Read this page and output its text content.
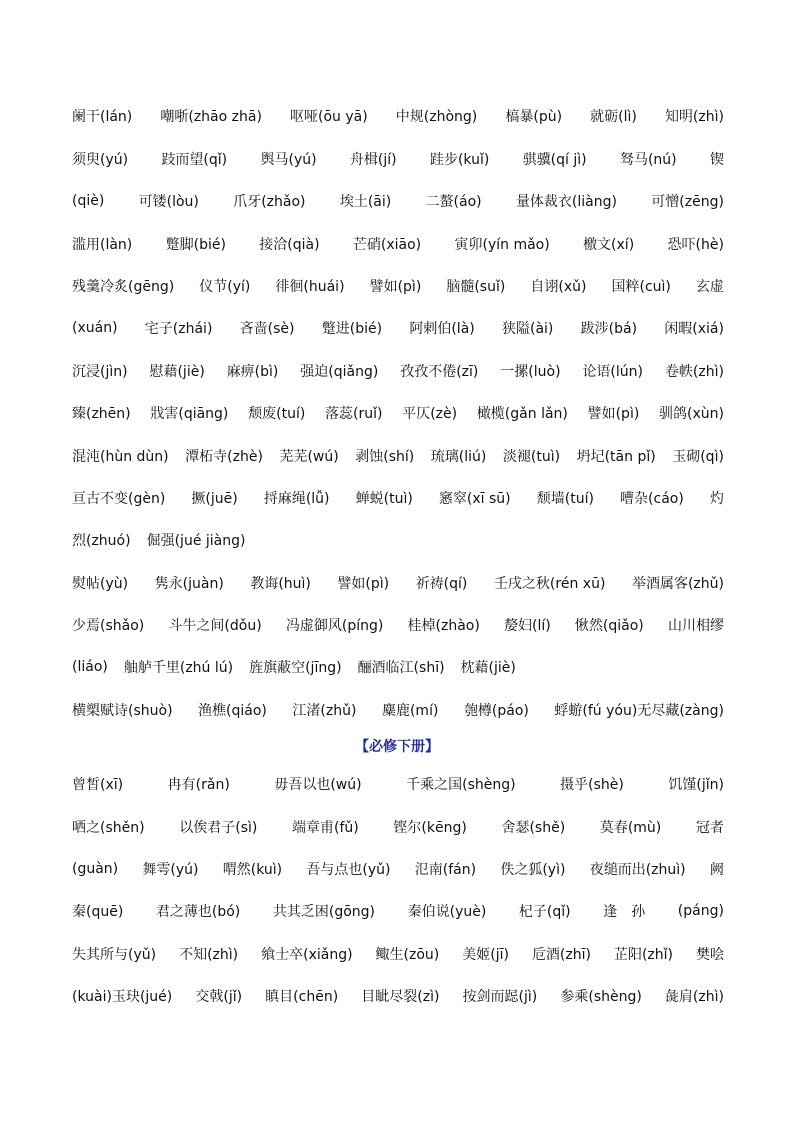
阑干(lán) 嘲哳(zhāo zhā) 呕哑(ōu yā) 中规(zhòng) 槁暴(pù) 就砺(lì) 知明(zhì)
须臾(yú) 跂而望(qǐ) 舆马(yú) 舟楫(jí) 跬步(kuǐ) 骐骥(qí jì) 驽马(nú) 锲
(qiè) 可镂(lòu) 爪牙(zhǎo) 埃土(āi) 二螯(áo) 量体裁衣(liàng) 可憎(zēng)
滥用(làn) 蹩脚(bié) 接洽(qià) 芒硝(xiāo) 寅卯(yín mǎo) 檄文(xí) 恐吓(hè)
残羹冷炙(gēng) 仪节(yí) 徘徊(huái) 譬如(pì) 脑髓(suǐ) 自诩(xǔ) 国粹(cuì) 玄虚
(xuán) 宅子(zhái) 吝啬(sè) 蹩进(bié) 阿剌伯(là) 狭隘(ài) 跋涉(bá) 闲暇(xiá)
沉浸(jìn) 慰藉(jiè) 麻痹(bì) 强迫(qiǎng) 孜孜不倦(zī) 一摞(luò) 论语(lún) 卷帙(zhì)
臻(zhēn) 戕害(qiāng) 颓废(tuí) 落蕊(ruǐ) 平仄(zè) 橄榄(gǎn lǎn) 譬如(pì) 驯鸽(xùn)
混沌(hùn dùn) 潭柘寺(zhè) 芜芜(wú) 剥蚀(shí) 琉璃(liú) 淡褪(tuì) 坍圮(tān pǐ) 玉砌(qì)
亘古不变(gèn) 撅(juē) 捋麻绳(lǚ) 蝉蜕(tuì) 窸窣(xī sū) 颓墙(tuí) 嘈杂(cáo) 灼
烈(zhuó) 倔强(jué jiàng)
熨帖(yù) 隽永(juàn) 教诲(huì) 譬如(pì) 祈祷(qí) 壬戌之秋(rén xū) 举酒属客(zhǔ)
少焉(shǎo) 斗牛之间(dǒu) 冯虚御风(píng) 桂棹(zhào) 嫠妇(lí) 愀然(qiǎo) 山川相缪
(liáo) 舳舻千里(zhú lú) 旌旗蔽空(jīng) 酾酒临江(shī) 枕藉(jiè)
横槊赋诗(shuò) 渔樵(qiáo) 江渚(zhǔ) 麋鹿(mí) 匏樽(páo) 蜉蝣(fú yóu)无尽藏(zàng)
【必修下册】
曾皙(xī)	冉有(rǎn)	毋吾以也(wú)	千乘之国(shèng)	摄乎(shè)	饥馑(jǐn)
哂之(shěn) 以俟君子(sì) 端章甫(fǔ) 铿尔(kēng) 舍瑟(shě) 莫春(mù) 冠者
(guàn) 舞雩(yú) 喟然(kuì) 吾与点也(yǔ) 氾南(fán) 佚之狐(yì) 夜缒而出(zhuì) 阙
秦(quē) 君之薄也(bó) 共其乏困(gōng) 秦伯说(yuè) 杞子(qǐ) 逢　孙 (páng)
失其所与(yǔ) 不知(zhì) 飨士卒(xiǎng) 鲰生(zōu) 美姬(jī) 卮酒(zhī) 芷阳(zhǐ) 樊哙
(kuài)玉玦(jué) 交戟(jǐ) 瞋目(chēn) 目眦尽裂(zì) 按剑而跽(jì) 参乘(shèng) 彘肩(zhì)
